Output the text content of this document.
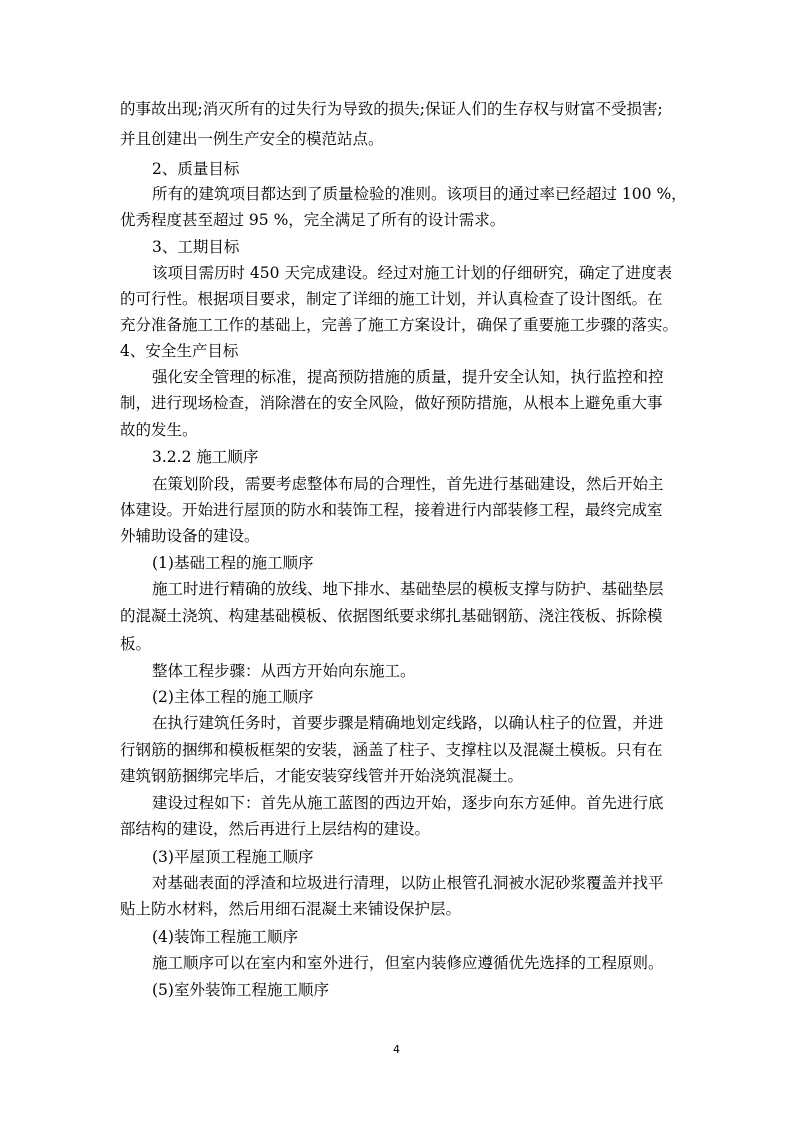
的事故出现;消灭所有的过失行为导致的损失;保证人们的生存权与财富不受损害;
并且创建出一例生产安全的模范站点。
2、质量目标
所有的建筑项目都达到了质量检验的准则。该项目的通过率已经超过 100 %，
优秀程度甚至超过 95 %，完全满足了所有的设计需求。
3、工期目标
该项目需历时 450 天完成建设。经过对施工计划的仔细研究，确定了进度表
的可行性。根据项目要求，制定了详细的施工计划，并认真检查了设计图纸。在
充分准备施工工作的基础上，完善了施工方案设计，确保了重要施工步骤的落实。
4、安全生产目标
强化安全管理的标准，提高预防措施的质量，提升安全认知，执行监控和控
制，进行现场检查，消除潜在的安全风险，做好预防措施，从根本上避免重大事
故的发生。
3.2.2 施工顺序
在策划阶段，需要考虑整体布局的合理性，首先进行基础建设，然后开始主
体建设。开始进行屋顶的防水和装饰工程，接着进行内部装修工程，最终完成室
外辅助设备的建设。
(1)基础工程的施工顺序
施工时进行精确的放线、地下排水、基础垫层的模板支撑与防护、基础垫层
的混凝土浇筑、构建基础模板、依据图纸要求绑扎基础钢筋、浇注筏板、拆除模
板。
整体工程步骤：从西方开始向东施工。
(2)主体工程的施工顺序
在执行建筑任务时，首要步骤是精确地划定线路，以确认柱子的位置，并进
行钢筋的捆绑和模板框架的安装，涵盖了柱子、支撑柱以及混凝土模板。只有在
建筑钢筋捆绑完毕后，才能安装穿线管并开始浇筑混凝土。
建设过程如下：首先从施工蓝图的西边开始，逐步向东方延伸。首先进行底
部结构的建设，然后再进行上层结构的建设。
(3)平屋顶工程施工顺序
对基础表面的浮渣和垃圾进行清理，以防止根管孔洞被水泥砂浆覆盖并找平
贴上防水材料，然后用细石混凝土来铺设保护层。
(4)装饰工程施工顺序
施工顺序可以在室内和室外进行，但室内装修应遵循优先选择的工程原则。
(5)室外装饰工程施工顺序
4
